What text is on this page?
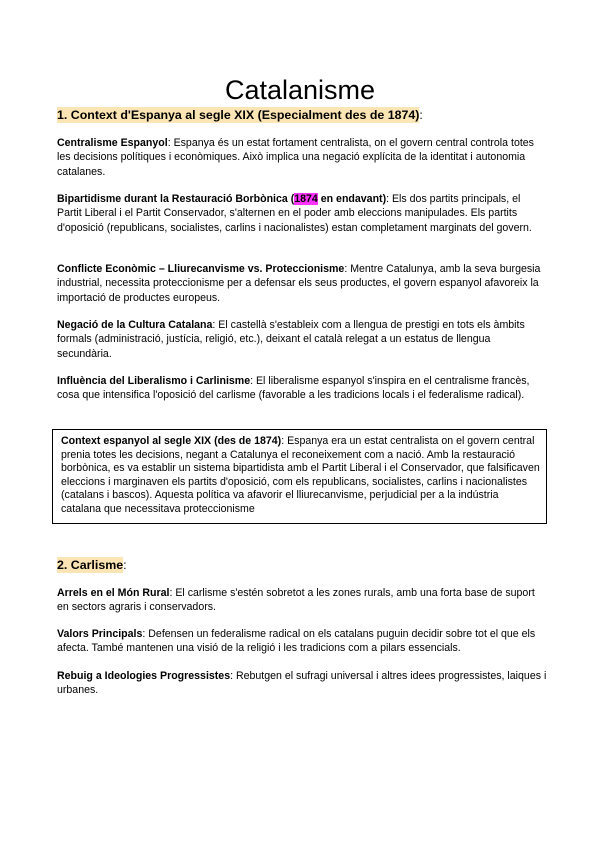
Catalanisme
1. Context d'Espanya al segle XIX (Especialment des de 1874):

Centralisme Espanyol: Espanya és un estat fortament centralista, on el govern central controla totes les decisions polítiques i econòmiques. Això implica una negació explícita de la identitat i autonomia catalanes.

Bipartidisme durant la Restauració Borbònica (1874 en endavant): Els dos partits principals, el Partit Liberal i el Partit Conservador, s'alternen en el poder amb eleccions manipulades. Els partits d'oposició (republicans, socialistes, carlins i nacionalistes) estan completament marginats del govern.

Conflicte Econòmic – Lliurecanvisme vs. Proteccionisme: Mentre Catalunya, amb la seva burgesia industrial, necessita proteccionisme per a defensar els seus productes, el govern espanyol afavoreix la importació de productes europeus.

Negació de la Cultura Catalana: El castellà s'estableix com a llengua de prestigi en tots els àmbits formals (administració, justícia, religió, etc.), deixant el català relegat a un estatus de llengua secundària.

Influència del Liberalismo i Carlinisme: El liberalisme espanyol s'inspira en el centralisme francès, cosa que intensifica l'oposició del carlisme (favorable a les tradicions locals i el federalisme radical).

Context espanyol al segle XIX (des de 1874): Espanya era un estat centralista on el govern central prenia totes les decisions, negant a Catalunya el reconeixement com a nació. Amb la restauració borbònica, es va establir un sistema bipartidista amb el Partit Liberal i el Conservador, que falsificaven eleccions i marginaven els partits d'oposició, com els republicans, socialistes, carlins i nacionalistes (catalans i bascos). Aquesta política va afavorir el lliurecanvisme, perjudicial per a la indústria catalana que necessitava proteccionisme
2. Carlisme:

Arrels en el Món Rural: El carlisme s'estén sobretot a les zones rurals, amb una forta base de suport en sectors agraris i conservadors.

Valors Principals: Defensen un federalisme radical on els catalans puguin decidir sobre tot el que els afecta. També mantenen una visió de la religió i les tradicions com a pilars essencials.

Rebuig a Ideologies Progressistes: Rebutgen el sufragi universal i altres idees progressistes, laiques i urbanes.
